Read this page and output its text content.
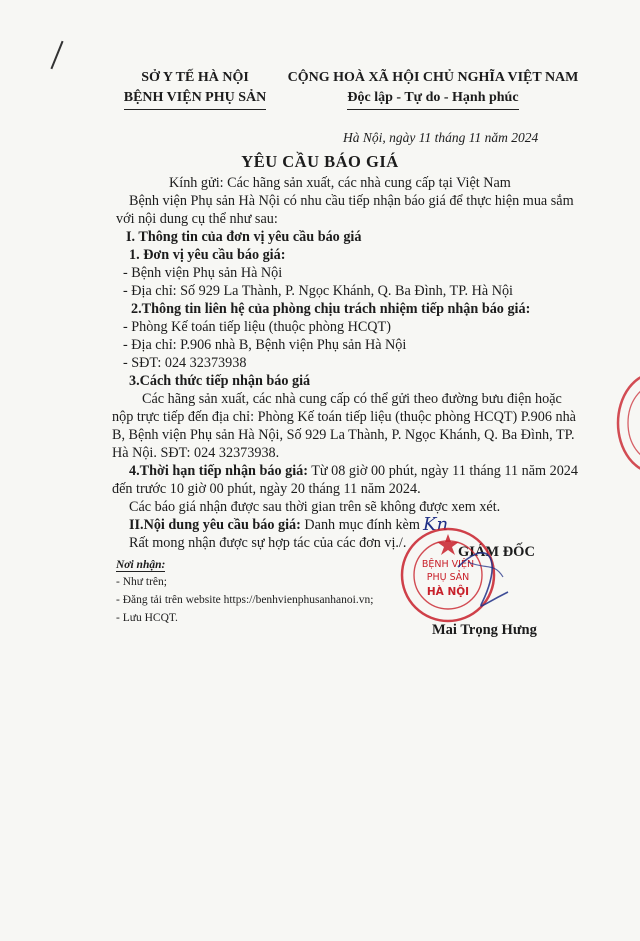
SỞ Y TẾ HÀ NỘI
BỆNH VIỆN PHỤ SẢN
CỘNG HOÀ XÃ HỘI CHỦ NGHĨA VIỆT NAM
Độc lập - Tự do - Hạnh phúc
Hà Nội, ngày 11 tháng 11 năm 2024
YÊU CẦU BÁO GIÁ

Kính gửi: Các hãng sản xuất, các nhà cung cấp tại Việt Nam

Bệnh viện Phụ sản Hà Nội có nhu cầu tiếp nhận báo giá để thực hiện mua sắm

với nội dung cụ thể như sau:

I. Thông tin của đơn vị yêu cầu báo giá

1. Đơn vị yêu cầu báo giá:

- Bệnh viện Phụ sản Hà Nội

- Địa chỉ: Số 929 La Thành, P. Ngọc Khánh, Q. Ba Đình, TP. Hà Nội

2.Thông tin liên hệ của phòng chịu trách nhiệm tiếp nhận báo giá:

- Phòng Kế toán tiếp liệu (thuộc phòng HCQT)

- Địa chỉ: P.906 nhà B, Bệnh viện Phụ sản Hà Nội

- SĐT: 024 32373938

3.Cách thức tiếp nhận báo giá

Các hãng sản xuất, các nhà cung cấp có thể gửi theo đường bưu điện hoặc

nộp trực tiếp đến địa chỉ: Phòng Kế toán tiếp liệu (thuộc phòng HCQT) P.906 nhà

B, Bệnh viện Phụ sản Hà Nội, Số 929 La Thành, P. Ngọc Khánh, Q. Ba Đình, TP.

Hà Nội. SĐT: 024 32373938.

4.Thời hạn tiếp nhận báo giá: Từ 08 giờ 00 phút, ngày 11 tháng 11 năm 2024

đến trước 10 giờ 00 phút, ngày 20 tháng 11 năm 2024.

Các báo giá nhận được sau thời gian trên sẽ không được xem xét.

II.Nội dung yêu cầu báo giá: Danh mục đính kèm

Rất mong nhận được sự hợp tác của các đơn vị./.

Kn

Nơi nhận:

- Như trên;

- Đăng tải trên website https://benhvienphusanhanoi.vn;

- Lưu HCQT.

GIÁM ĐỐC
BỆNH VIỆN
PHỤ SẢN
HÀ NỘI
Mai Trọng Hưng
